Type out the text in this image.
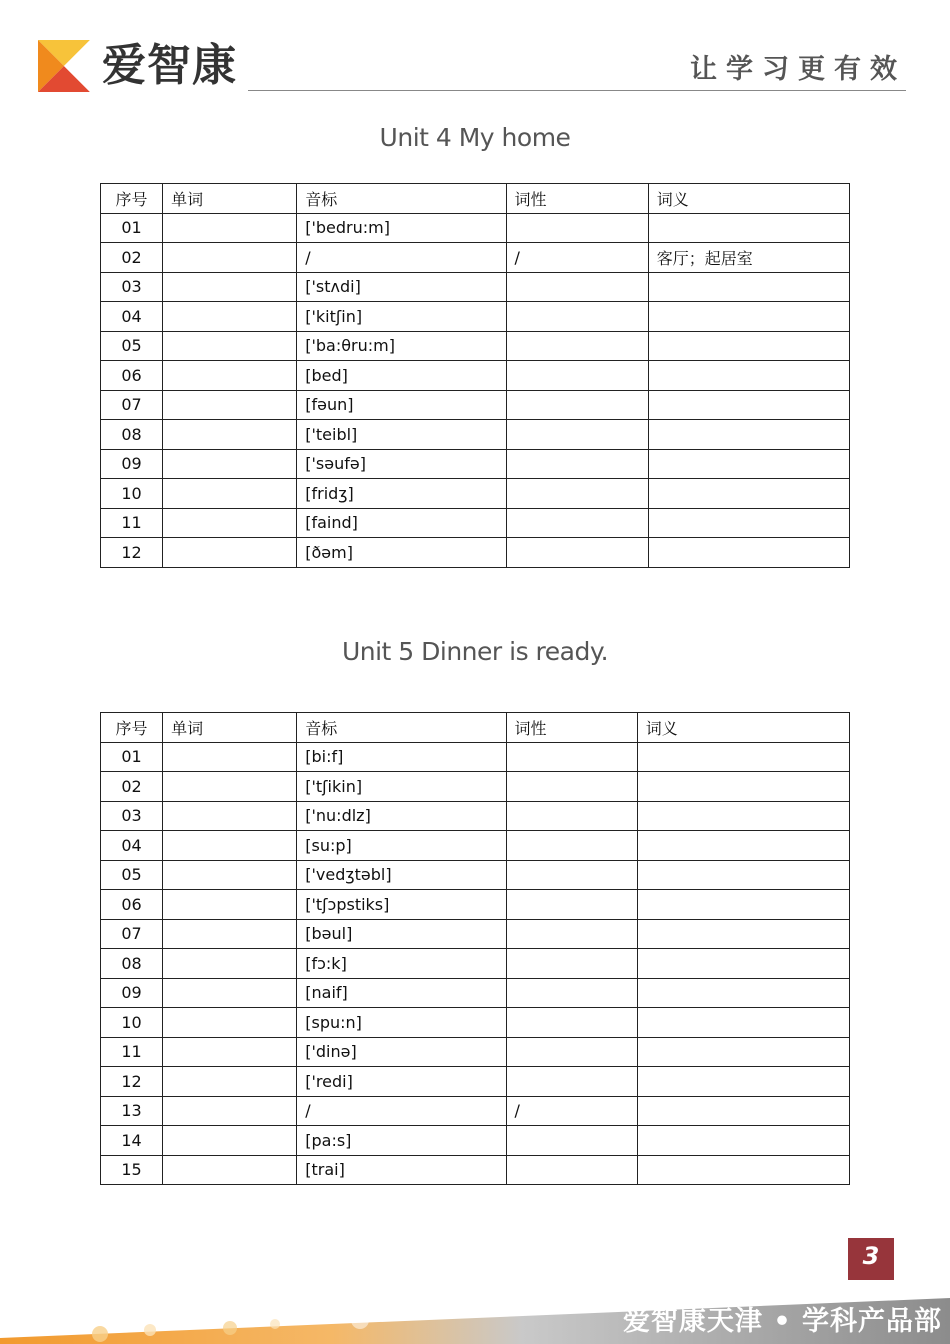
爱智康	让学习更有效
Unit 4 My home
序号	单词	音标	词性	词义
01		['bedru:m]		
02		/	/	客厅；起居室
03		['stʌdi]		
04		['kitʃin]		
05		['ba:θru:m]		
06		[bed]		
07		[fəun]		
08		['teibl]		
09		['səufə]		
10		[fridʒ]		
11		[faind]		
12		[ðəm]		
Unit 5 Dinner is ready.
序号	单词	音标	词性	词义
01		[bi:f]		
02		['tʃikin]		
03		['nu:dlz]		
04		[su:p]		
05		['vedʒtəbl]		
06		['tʃɔpstiks]		
07		[bəul]		
08		[fɔ:k]		
09		[naif]		
10		[spu:n]		
11		['dinə]		
12		['redi]		
13		/	/	
14		[pa:s]		
15		[trai]		
3
爱智康天津 • 学科产品部
